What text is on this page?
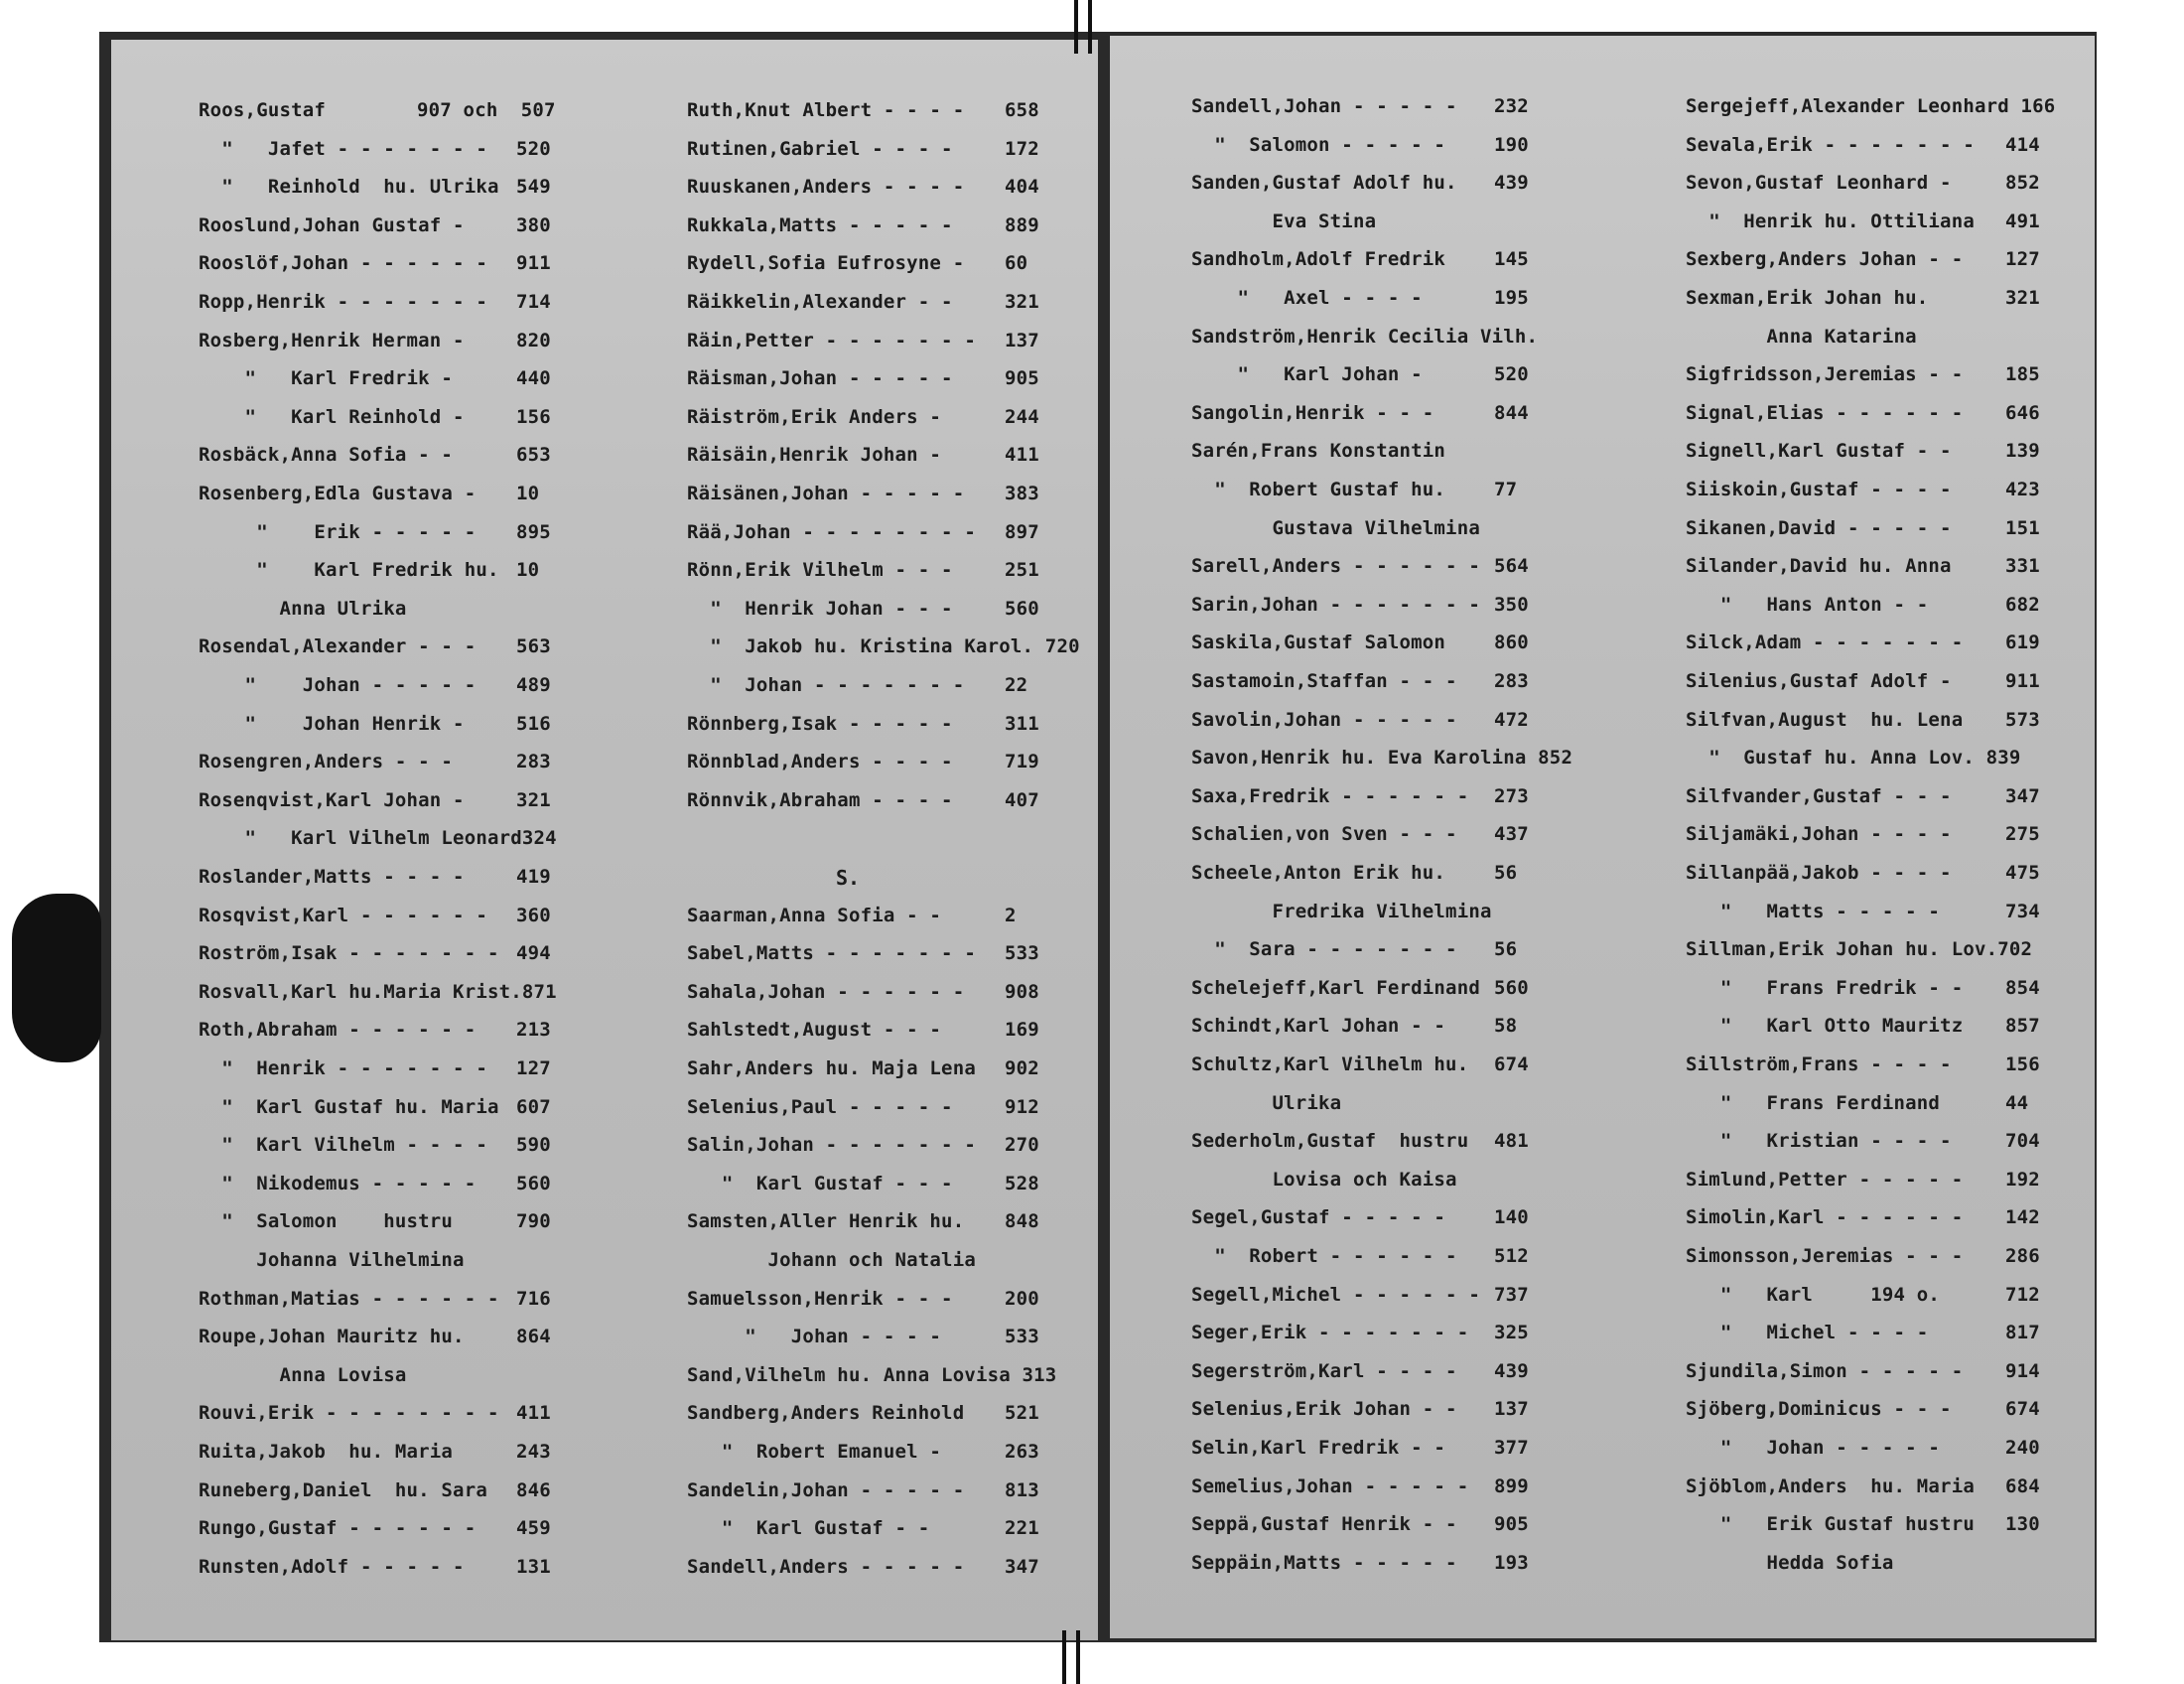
Roos,Gustaf	907 och  507
"   Jafet - - - - - - - 520
"   Reinhold  hu. Ulrika 549
Rooslund,Johan Gustaf -	380
Rooslöf,Johan - - - - - - 911
Ropp,Henrik - - - - - - - 714
Rosberg,Henrik Herman -	820
"   Karl Fredrik -	440
"   Karl Reinhold -	156
Rosbäck,Anna Sofia - -	653
Rosenberg,Edla Gustava - 10
"    Erik - - - - - 895
"    Karl Fredrik hu. 10
Anna Ulrika
Rosendal,Alexander - - - 563
"    Johan - - - - - 489
"    Johan Henrik -	516
Rosengren,Anders - - -	283
Rosenqvist,Karl Johan -	321
"   Karl Vilhelm Leonard324
Roslander,Matts - - - -	419
Rosqvist,Karl - - - - - - 360
Roström,Isak - - - - - - - 494
Rosvall,Karl hu.Maria Krist.871
Roth,Abraham - - - - - - 213
"  Henrik - - - - - - - 127
"  Karl Gustaf hu. Maria 607
"  Karl Vilhelm - - - - 590
"  Nikodemus - - - - - 560
"  Salomon    hustru	790
Johanna Vilhelmina
Rothman,Matias - - - - - - 716
Roupe,Johan Mauritz hu.	864
Anna Lovisa
Rouvi,Erik - - - - - - - - 411
Ruita,Jakob  hu. Maria	243
Runeberg,Daniel  hu. Sara 846
Rungo,Gustaf - - - - - - 459
Runsten,Adolf - - - - -	131
Ruth,Knut Albert - - - - 658
Rutinen,Gabriel - - - -	172
Ruuskanen,Anders - - - - 404
Rukkala,Matts - - - - -	889
Rydell,Sofia Eufrosyne - 60
Räikkelin,Alexander - -	321
Räin,Petter - - - - - - - 137
Räisman,Johan - - - - -	905
Räiström,Erik Anders -	244
Räisäin,Henrik Johan -	411
Räisänen,Johan - - - - - 383
Rää,Johan - - - - - - - - 897
Rönn,Erik Vilhelm - - -	251
"  Henrik Johan - - -	560
"  Jakob hu. Kristina Karol. 720
"  Johan - - - - - - - 22
Rönnberg,Isak - - - - -	311
Rönnblad,Anders - - - -	719
Rönnvik,Abraham - - - -	407
S.
Saarman,Anna Sofia - -	2
Sabel,Matts - - - - - - - 533
Sahala,Johan - - - - - - 908
Sahlstedt,August - - -	169
Sahr,Anders hu. Maja Lena 902
Selenius,Paul - - - - -	912
Salin,Johan - - - - - - - 270
"  Karl Gustaf - - -	528
Samsten,Aller Henrik hu. 848
Johann och Natalia
Samuelsson,Henrik - - -	200
"   Johan - - - -	533
Sand,Vilhelm hu. Anna Lovisa 313
Sandberg,Anders Reinhold 521
"  Robert Emanuel -	263
Sandelin,Johan - - - - - 813
"  Karl Gustaf - -	221
Sandell,Anders - - - - - 347
Sandell,Johan - - - - - 232
"  Salomon - - - - -	190
Sanden,Gustaf Adolf hu. 439
Eva Stina
Sandholm,Adolf Fredrik	145
"   Axel - - - -	195
Sandström,Henrik Cecilia Vilh.
"   Karl Johan -	520
Sangolin,Henrik - - -	844
Sarén,Frans Konstantin
"  Robert Gustaf hu.	77
Gustava Vilhelmina
Sarell,Anders - - - - - - 564
Sarin,Johan - - - - - - - 350
Saskila,Gustaf Salomon	860
Sastamoin,Staffan - - - 283
Savolin,Johan - - - - - 472
Savon,Henrik hu. Eva Karolina 852
Saxa,Fredrik - - - - - - 273
Schalien,von Sven - - - 437
Scheele,Anton Erik hu.	56
Fredrika Vilhelmina
"  Sara - - - - - - - 56
Schelejeff,Karl Ferdinand 560
Schindt,Karl Johan - -	58
Schultz,Karl Vilhelm hu. 674
Ulrika
Sederholm,Gustaf  hustru 481
Lovisa och Kaisa
Segel,Gustaf - - - - -	140
"  Robert - - - - - - 512
Segell,Michel - - - - - - 737
Seger,Erik - - - - - - - 325
Segerström,Karl - - - - 439
Selenius,Erik Johan - - 137
Selin,Karl Fredrik - -	377
Semelius,Johan - - - - - 899
Seppä,Gustaf Henrik - - 905
Seppäin,Matts - - - - - 193
Sergejeff,Alexander Leonhard 166
Sevala,Erik - - - - - - - 414
Sevon,Gustaf Leonhard -	852
"  Henrik hu. Ottiliana 491
Sexberg,Anders Johan - - 127
Sexman,Erik Johan hu.	321
Anna Katarina
Sigfridsson,Jeremias - - 185
Signal,Elias - - - - - - 646
Signell,Karl Gustaf - -	139
Siiskoin,Gustaf - - - -	423
Sikanen,David - - - - -	151
Silander,David hu. Anna	331
"   Hans Anton - -	682
Silck,Adam - - - - - - - 619
Silenius,Gustaf Adolf -	911
Silfvan,August  hu. Lena 573
"  Gustaf hu. Anna Lov. 839
Silfvander,Gustaf - - -	347
Siljamäki,Johan - - - -	275
Sillanpää,Jakob - - - -	475
"   Matts - - - - -	734
Sillman,Erik Johan hu. Lov.702
"   Frans Fredrik - - 854
"   Karl Otto Mauritz 857
Sillström,Frans - - - -	156
"   Frans Ferdinand	44
"   Kristian - - - -	704
Simlund,Petter - - - - - 192
Simolin,Karl - - - - - - 142
Simonsson,Jeremias - - - 286
"   Karl     194 o.	712
"   Michel - - - -	817
Sjundila,Simon - - - - - 914
Sjöberg,Dominicus - - -	674
"   Johan - - - - -	240
Sjöblom,Anders  hu. Maria 684
"   Erik Gustaf hustru 130
Hedda Sofia
